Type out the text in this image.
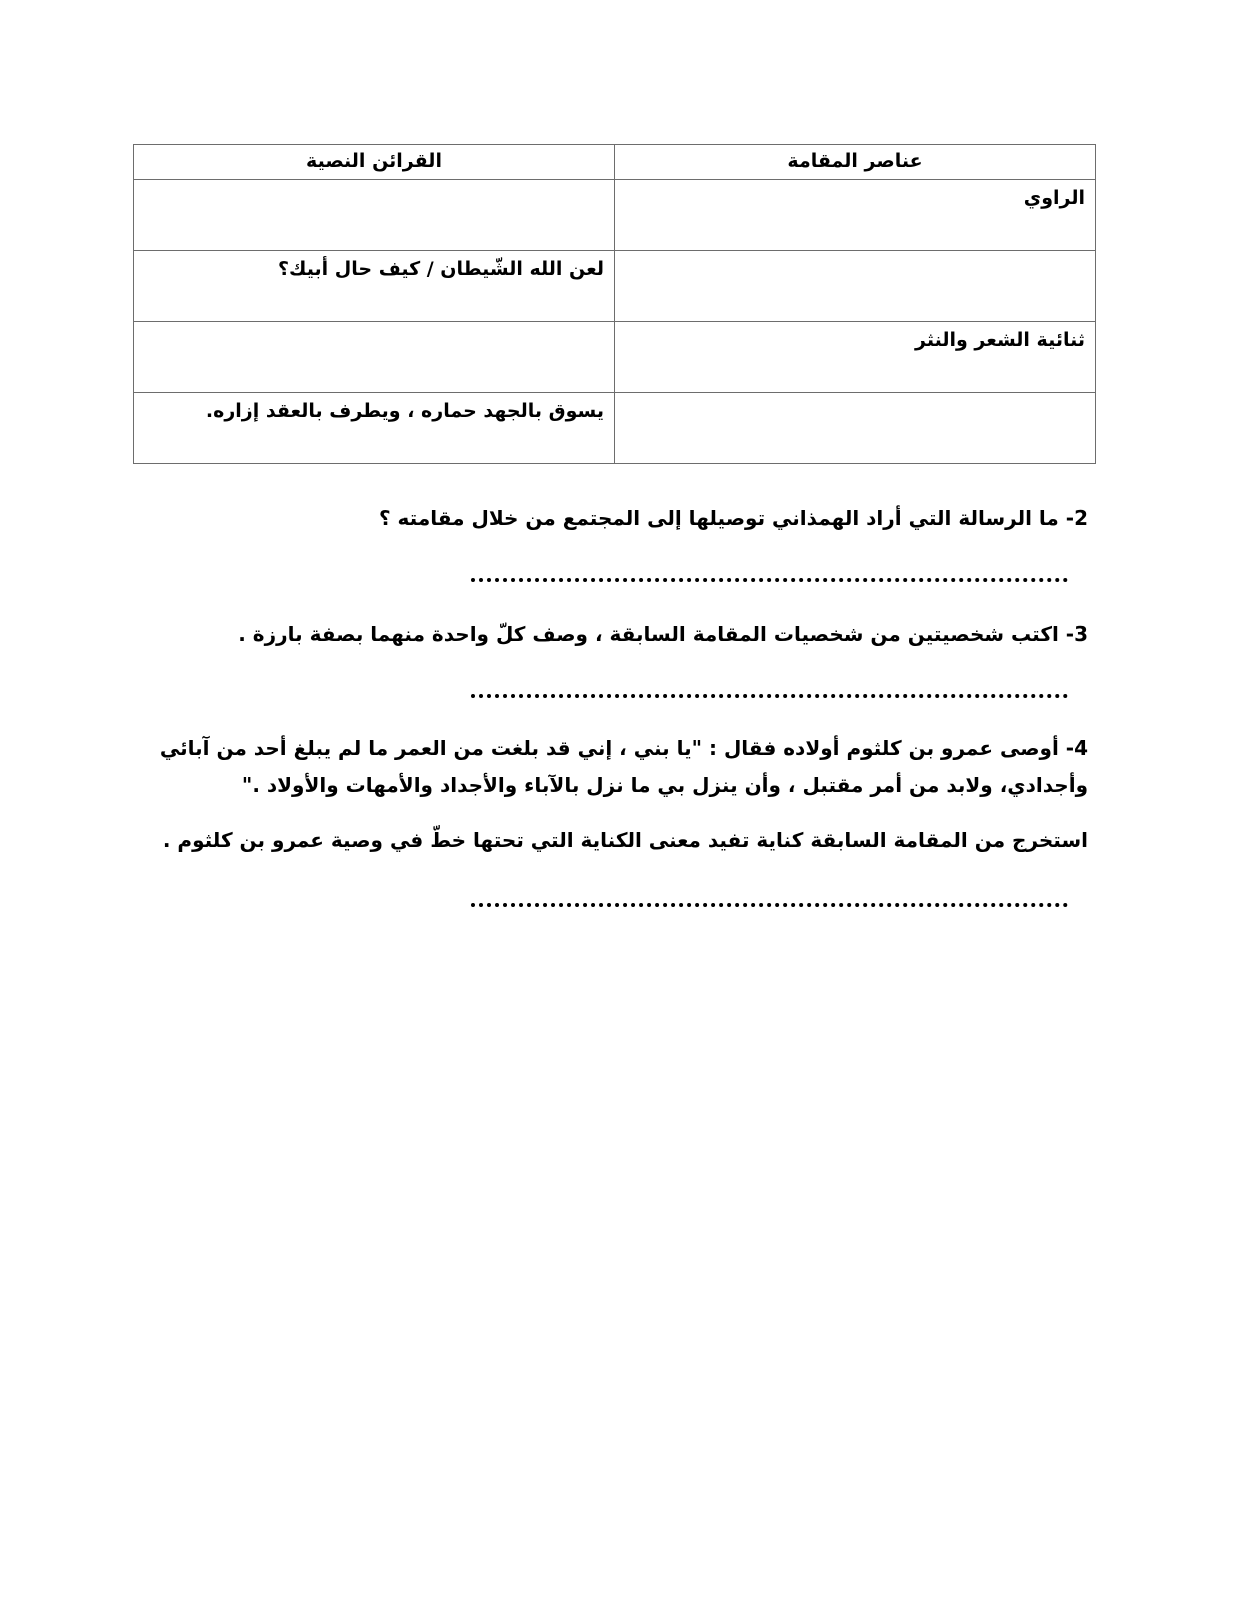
عناصر المقامة	القرائن النصية
الراوي	
	لعن الله الشّيطان / كيف حال أبيك؟
ثنائية الشعر والنثر	
	يسوق بالجهد حماره ، ويطرف بالعقد إزاره.
2- ما الرسالة التي أراد الهمذاني توصيلها إلى المجتمع من خلال مقامته ؟
3- اكتب شخصيتين من شخصيات المقامة السابقة ، وصف كلّ واحدة منهما بصفة بارزة .
4- أوصى عمرو بن كلثوم أولاده فقال : "يا بني ، إني قد بلغت من العمر ما لم يبلغ أحد من آبائي
وأجدادي، ولابد من أمر مقتبل ، وأن ينزل بي ما نزل بالآباء والأجداد والأمهات والأولاد ."
استخرج من المقامة السابقة كناية تفيد معنى الكناية التي تحتها خطّ في وصية عمرو بن كلثوم .
